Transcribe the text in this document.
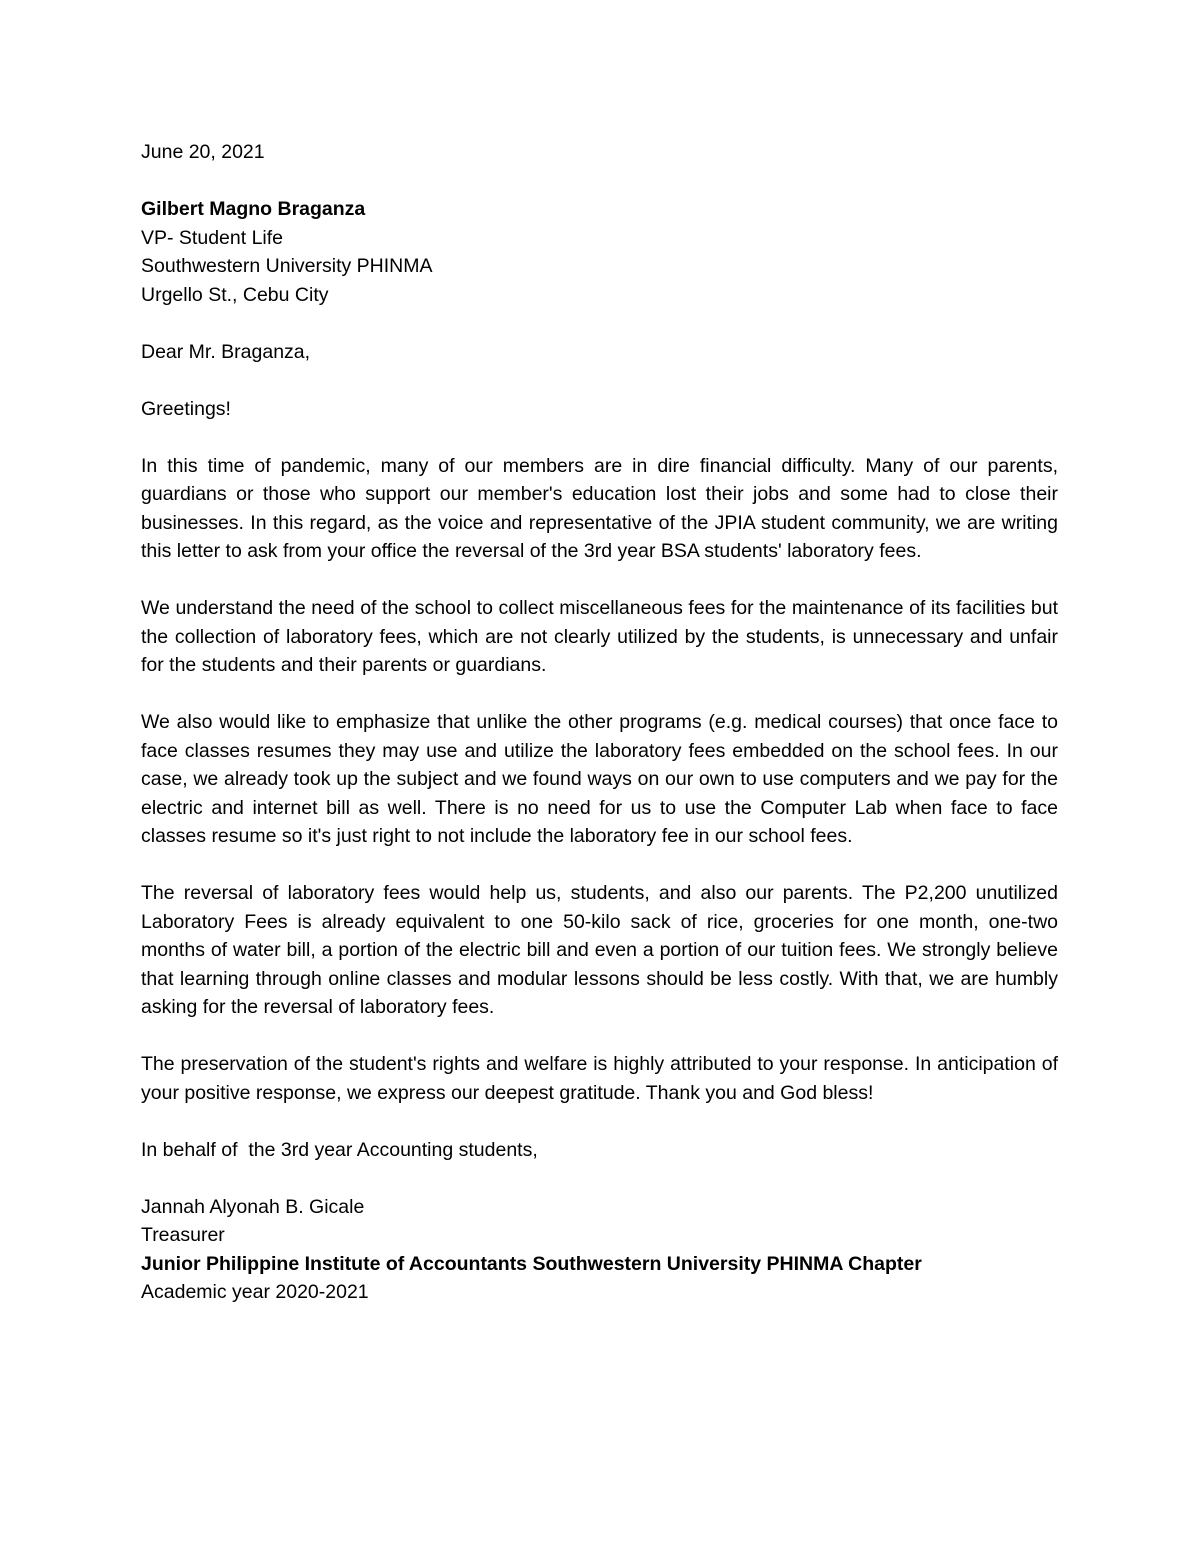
June 20, 2021

Gilbert Magno Braganza
VP- Student Life
Southwestern University PHINMA
Urgello St., Cebu City

Dear Mr. Braganza,

Greetings!

In this time of pandemic, many of our members are in dire financial difficulty. Many of our parents, guardians or those who support our member's education lost their jobs and some had to close their businesses. In this regard, as the voice and representative of the JPIA student community, we are writing this letter to ask from your office the reversal of the 3rd year BSA students' laboratory fees.

We understand the need of the school to collect miscellaneous fees for the maintenance of its facilities but the collection of laboratory fees, which are not clearly utilized by the students, is unnecessary and unfair for the students and their parents or guardians.

We also would like to emphasize that unlike the other programs (e.g. medical courses) that once face to face classes resumes they may use and utilize the laboratory fees embedded on the school fees. In our case, we already took up the subject and we found ways on our own to use computers and we pay for the electric and internet bill as well. There is no need for us to use the Computer Lab when face to face classes resume so it's just right to not include the laboratory fee in our school fees.

The reversal of laboratory fees would help us, students, and also our parents. The P2,200 unutilized Laboratory Fees is already equivalent to one 50-kilo sack of rice, groceries for one month, one-two months of water bill, a portion of the electric bill and even a portion of our tuition fees. We strongly believe that learning through online classes and modular lessons should be less costly. With that, we are humbly asking for the reversal of laboratory fees.

The preservation of the student's rights and welfare is highly attributed to your response. In anticipation of your positive response, we express our deepest gratitude. Thank you and God bless!

In behalf of  the 3rd year Accounting students,

Jannah Alyonah B. Gicale
Treasurer
Junior Philippine Institute of Accountants Southwestern University PHINMA Chapter
Academic year 2020-2021
